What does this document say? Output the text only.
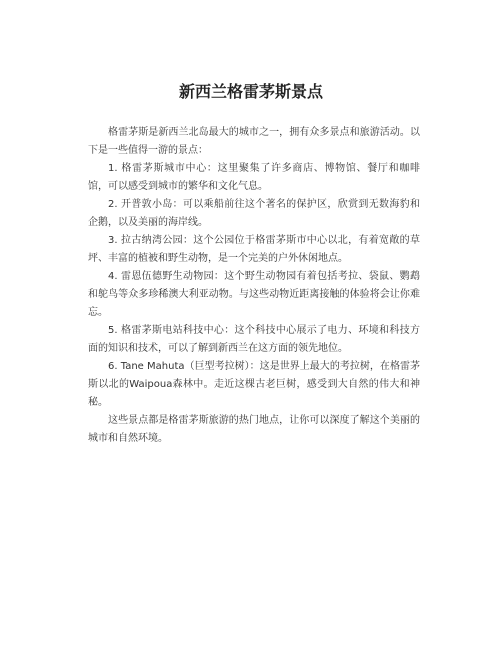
新西兰格雷茅斯景点

格雷茅斯是新西兰北岛最大的城市之一，拥有众多景点和旅游活动。以下是一些值得一游的景点：

1. 格雷茅斯城市中心：这里聚集了许多商店、博物馆、餐厅和咖啡馆，可以感受到城市的繁华和文化气息。

2. 开普敦小岛：可以乘船前往这个著名的保护区，欣赏到无数海豹和企鹅，以及美丽的海岸线。

3. 拉古纳湾公园：这个公园位于格雷茅斯市中心以北，有着宽敞的草坪、丰富的植被和野生动物，是一个完美的户外休闲地点。

4. 雷恩伍德野生动物园：这个野生动物园有着包括考拉、袋鼠、鹦鹉和鸵鸟等众多珍稀澳大利亚动物。与这些动物近距离接触的体验将会让你难忘。

5. 格雷茅斯电站科技中心：这个科技中心展示了电力、环境和科技方面的知识和技术，可以了解到新西兰在这方面的领先地位。

6. Tane Mahuta（巨型考拉树）：这是世界上最大的考拉树，在格雷茅斯以北的Waipoua森林中。走近这棵古老巨树，感受到大自然的伟大和神秘。

这些景点都是格雷茅斯旅游的热门地点，让你可以深度了解这个美丽的城市和自然环境。
